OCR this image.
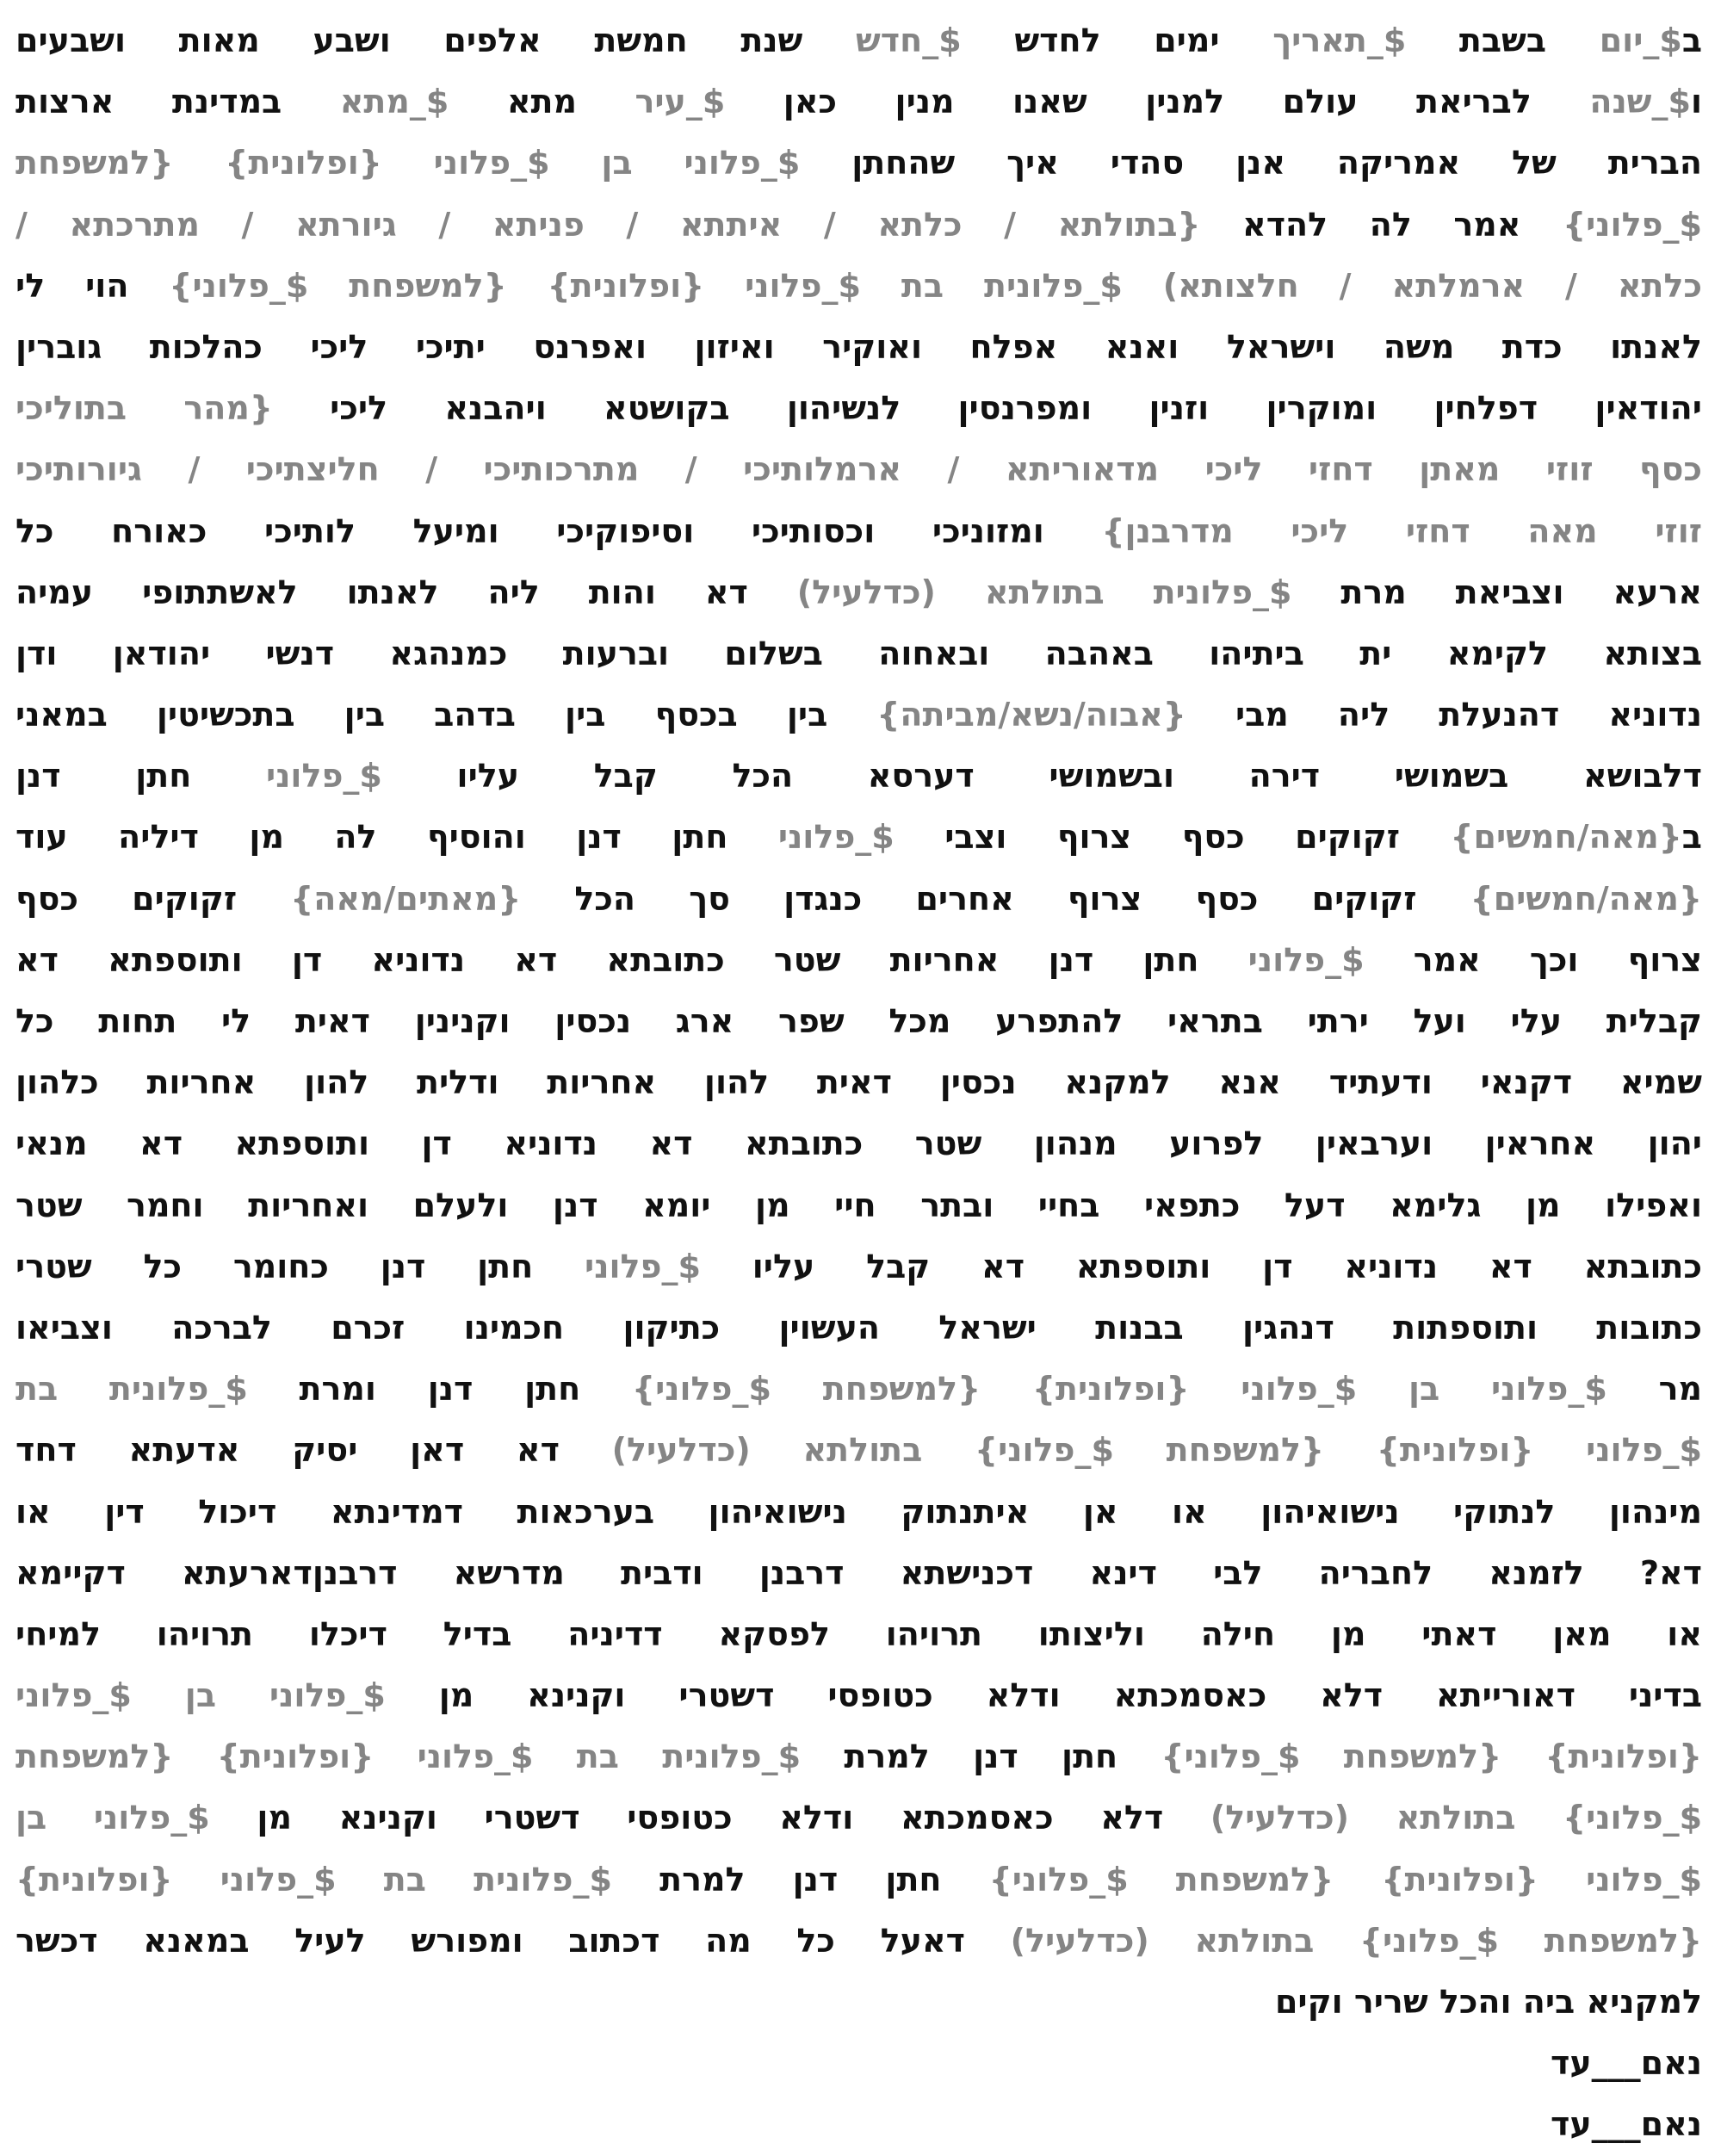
ב$_יום בשבת $_תאריך ימים לחדש $_חדש שנת חמשת אלפים ושבע מאות ושבעים
ו$_שנה לבריאת עולם למנין שאנו מנין כאן $_עיר מתא $_מתא במדינת ארצות
הברית של אמריקה אנן סהדי איך שהחתן $_פלוני בן $_פלוני {ופלונית} {למשפחת
$_פלוני} אמר לה להדא {בתולתא / כלתא / איתתא / פניתא / גיורתא / מתרכתא /
כלתא / ארמלתא / חלצותא) $_פלונית בת $_פלוני {ופלונית} {למשפחת $_פלוני} הוי לי
לאנתו כדת משה וישראל ואנא אפלח ואוקיר ואיזון ואפרנס יתיכי ליכי כהלכות גוברין
יהודאין דפלחין ומוקרין וזנין ומפרנסין לנשיהון בקושטא ויהבנא ליכי {מהר בתוליכי
כסף זוזי מאתן דחזי ליכי מדאוריתא / ארמלותיכי / מתרכותיכי / חליצתיכי / גיורותיכי
זוזי מאה דחזי ליכי מדרבנן} ומזוניכי וכסותיכי וסיפוקיכי ומיעל לותיכי כאורח כל
ארעא וצביאת מרת $_פלונית בתולתא (כדלעיל) דא והות ליה לאנתו לאשתתופי עמיה
בצותא לקימא ית ביתיהו באהבה ובאחוה בשלום וברעות כמנהגא דנשי יהודאן ודן
נדוניא דהנעלת ליה מבי {אבוה/נשא/מביתה} בין בכסף בין בדהב בין בתכשיטין במאני
דלבושא בשמושי דירה ובשמושי דערסא הכל קבל עליו $_פלוני חתן דנן
ב{מאה/חמשים} זקוקים כסף צרוף וצבי $_פלוני חתן דנן והוסיף לה מן דיליה עוד
{מאה/חמשים} זקוקים כסף צרוף אחרים כנגדן סך הכל {מאתים/מאה} זקוקים כסף
צרוף וכך אמר $_פלוני חתן דנן אחריות שטר כתובתא דא נדוניא דן ותוספתא דא
קבלית עלי ועל ירתי בתראי להתפרע מכל שפר ארג נכסין וקנינין דאית לי תחות כל
שמיא דקנאי ודעתיד אנא למקנא נכסין דאית להון אחריות ודלית להון אחריות כלהון
יהון אחראין וערבאין לפרוע מנהון שטר כתובתא דא נדוניא דן ותוספתא דא מנאי
ואפילו מן גלימא דעל כתפאי בחיי ובתר חיי מן יומא דנן ולעלם ואחריות וחמר שטר
כתובתא דא נדוניא דן ותוספתא דא קבל עליו $_פלוני חתן דנן כחומר כל שטרי
כתובות ותוספתות דנהגין בבנות ישראל העשוין כתיקון חכמינו זכרם לברכה וצביאו
מר $_פלוני בן $_פלוני {ופלונית} {למשפחת $_פלוני} חתן דנן ומרת $_פלונית בת
$_פלוני {ופלונית} {למשפחת $_פלוני} בתולתא (כדלעיל) דא דאן יסיק אדעתא דחד
מינהון לנתוקי נישואיהון או אן איתנתוק נישואיהון בערכאות דמדינתא דיכול דין או
דא? לזמנא לחבריה לבי דינא דכנישתא דרבנן ודבית מדרשא דרבנןדארעתא דקיימא
או מאן דאתי מן חילה וליצותו תרויהו לפסקא דדיניה בדיל דיכלו תרויהו למיחי
בדיני דאורייתא דלא כאסמכתא ודלא כטופסי דשטרי וקנינא מן $_פלוני בן $_פלוני
{ופלונית} {למשפחת $_פלוני} חתן דנן למרת $_פלונית בת $_פלוני {ופלונית} {למשפחת
$_פלוני} בתולתא (כדלעיל) דלא כאסמכתא ודלא כטופסי דשטרי וקנינא מן $_פלוני בן
$_פלוני {ופלונית} {למשפחת $_פלוני} חתן דנן למרת $_פלונית בת $_פלוני {ופלונית}
{למשפחת $_פלוני} בתולתא (כדלעיל) דאעל כל מה דכתוב ומפורש לעיל במאנא דכשר
למקניא ביה והכל שריר וקים
נאם___עד
נאם___עד
